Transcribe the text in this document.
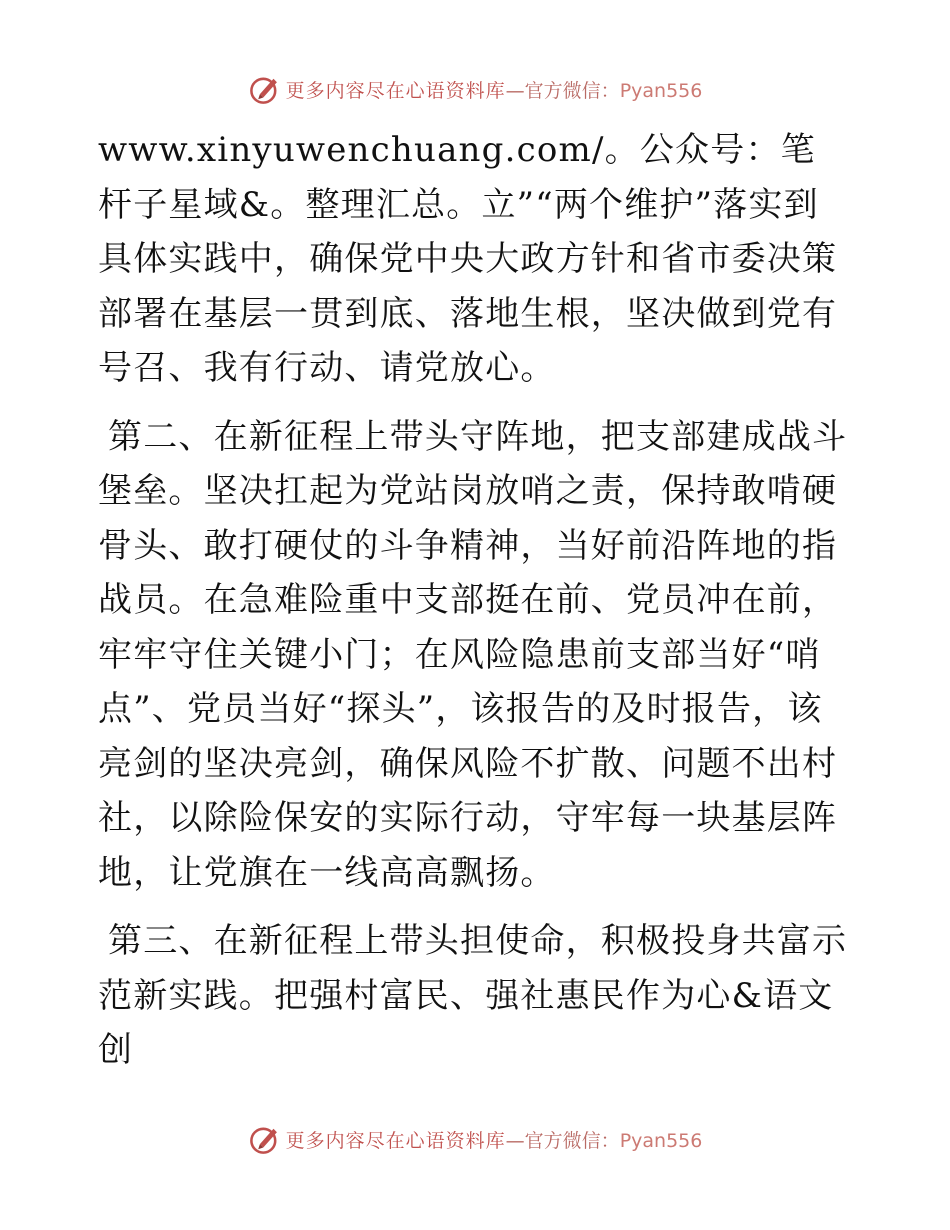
更多内容尽在心语资料库—官方微信：Pyan556

www.xinyuwenchuang.com/。公众号：笔杆子星域&。整理汇总。立”“两个维护”落实到具体实践中，确保党中央大政方针和省市委决策部署在基层一贯到底、落地生根，坚决做到党有号召、我有行动、请党放心。

第二、在新征程上带头守阵地，把支部建成战斗堡垒。坚决扛起为党站岗放哨之责，保持敢啃硬骨头、敢打硬仗的斗争精神，当好前沿阵地的指战员。在急难险重中支部挺在前、党员冲在前，牢牢守住关键小门；在风险隐患前支部当好“哨点”、党员当好“探头”，该报告的及时报告，该亮剑的坚决亮剑，确保风险不扩散、问题不出村社，以除险保安的实际行动，守牢每一块基层阵地，让党旗在一线高高飘扬。

第三、在新征程上带头担使命，积极投身共富示范新实践。把强村富民、强社惠民作为心&语文创

更多内容尽在心语资料库—官方微信：Pyan556
